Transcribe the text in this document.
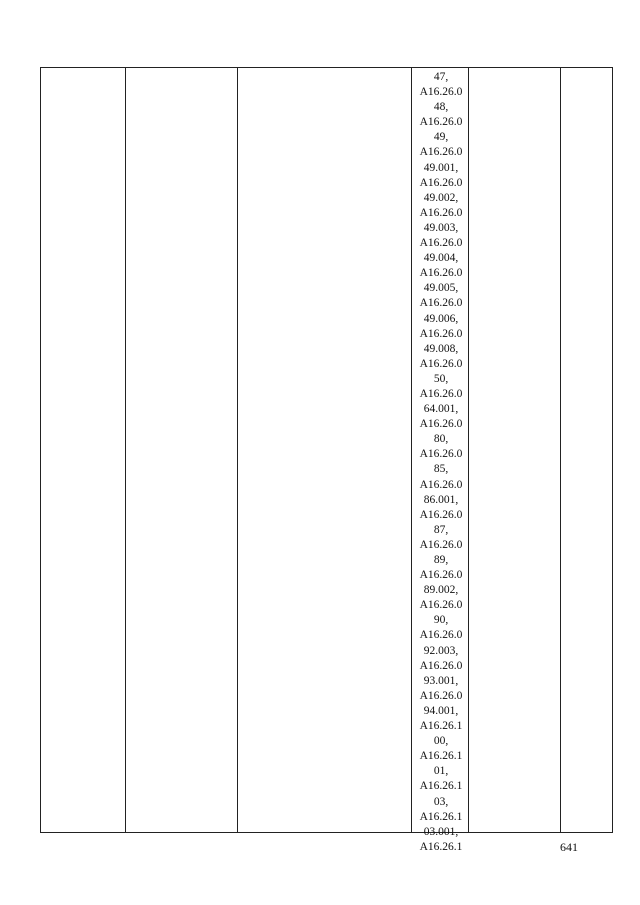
47,
A16.26.0
48,
A16.26.0
49,
A16.26.0
49.001,
A16.26.0
49.002,
A16.26.0
49.003,
A16.26.0
49.004,
A16.26.0
49.005,
A16.26.0
49.006,
A16.26.0
49.008,
A16.26.0
50,
A16.26.0
64.001,
A16.26.0
80,
A16.26.0
85,
A16.26.0
86.001,
A16.26.0
87,
A16.26.0
89,
A16.26.0
89.002,
A16.26.0
90,
A16.26.0
92.003,
A16.26.0
93.001,
A16.26.0
94.001,
A16.26.1
00,
A16.26.1
01,
A16.26.1
03,
A16.26.1
03.001,
A16.26.1	641
